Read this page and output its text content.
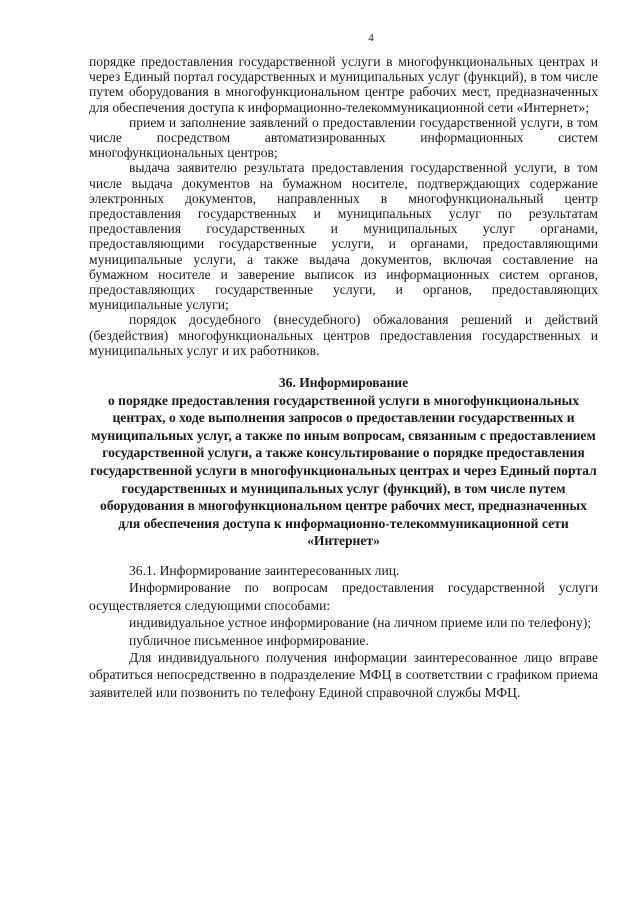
4

порядке предоставления государственной услуги в многофункциональных центрах и через Единый портал государственных и муниципальных услуг (функций), в том числе путем оборудования в многофункциональном центре рабочих мест, предназначенных для обеспечения доступа к информационно-телекоммуникационной сети «Интернет»;

прием и заполнение заявлений о предоставлении государственной услуги, в том числе посредством автоматизированных информационных систем многофункциональных центров;

выдача заявителю результата предоставления государственной услуги, в том числе выдача документов на бумажном носителе, подтверждающих содержание электронных документов, направленных в многофункциональный центр предоставления государственных и муниципальных услуг по результатам предоставления государственных и муниципальных услуг органами, предоставляющими государственные услуги, и органами, предоставляющими муниципальные услуги, а также выдача документов, включая составление на бумажном носителе и заверение выписок из информационных систем органов, предоставляющих государственные услуги, и органов, предоставляющих муниципальные услуги;

порядок досудебного (внесудебного) обжалования решений и действий (бездействия) многофункциональных центров предоставления государственных и муниципальных услуг и их работников.

36. Информирование
о порядке предоставления государственной услуги в многофункциональных центрах, о ходе выполнения запросов о предоставлении государственных и муниципальных услуг, а также по иным вопросам, связанным с предоставлением государственной услуги, а также консультирование о порядке предоставления государственной услуги в многофункциональных центрах и через Единый портал государственных и муниципальных услуг (функций), в том числе путем оборудования в многофункциональном центре рабочих мест, предназначенных для обеспечения доступа к информационно-телекоммуникационной сети «Интернет»

36.1. Информирование заинтересованных лиц.

Информирование по вопросам предоставления государственной услуги осуществляется следующими способами:

индивидуальное устное информирование (на личном приеме или по телефону);

публичное письменное информирование.

Для индивидуального получения информации заинтересованное лицо вправе обратиться непосредственно в подразделение МФЦ в соответствии с графиком приема заявителей или позвонить по телефону Единой справочной службы МФЦ.
